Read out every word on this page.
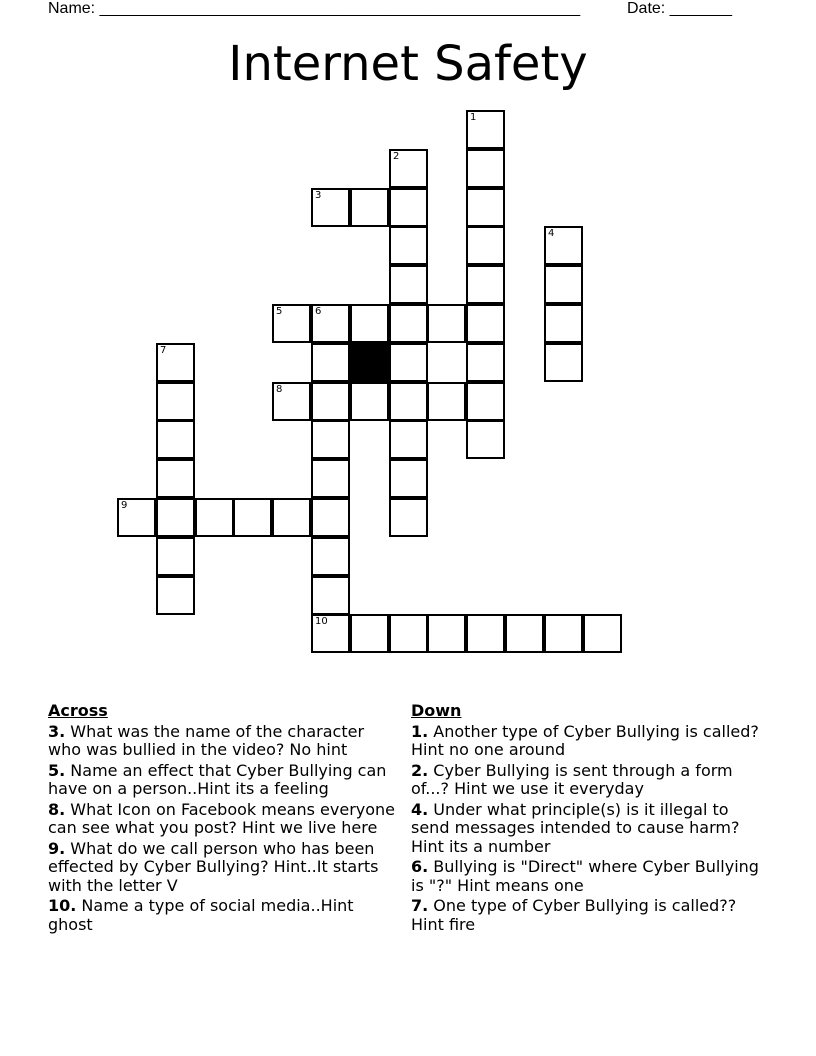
Name: ______________________________________________________	Date: _______
Internet Safety
1
2
3
4
5	6
7
8
10
9
Across
3. What was the name of the character who was bullied in the video? No hint
5. Name an effect that Cyber Bullying can have on a person..Hint its a feeling
8. What Icon on Facebook means everyone can see what you post? Hint we live here
9. What do we call person who has been effected by Cyber Bullying? Hint..It starts with the letter V
10. Name a type of social media..Hint ghost
Down
1. Another type of Cyber Bullying is called? Hint no one around
2. Cyber Bullying is sent through a form of...? Hint we use it everyday
4. Under what principle(s) is it illegal to send messages intended to cause harm? Hint its a number
6. Bullying is "Direct" where Cyber Bullying is "?" Hint means one
7. One type of Cyber Bullying is called?? Hint fire
